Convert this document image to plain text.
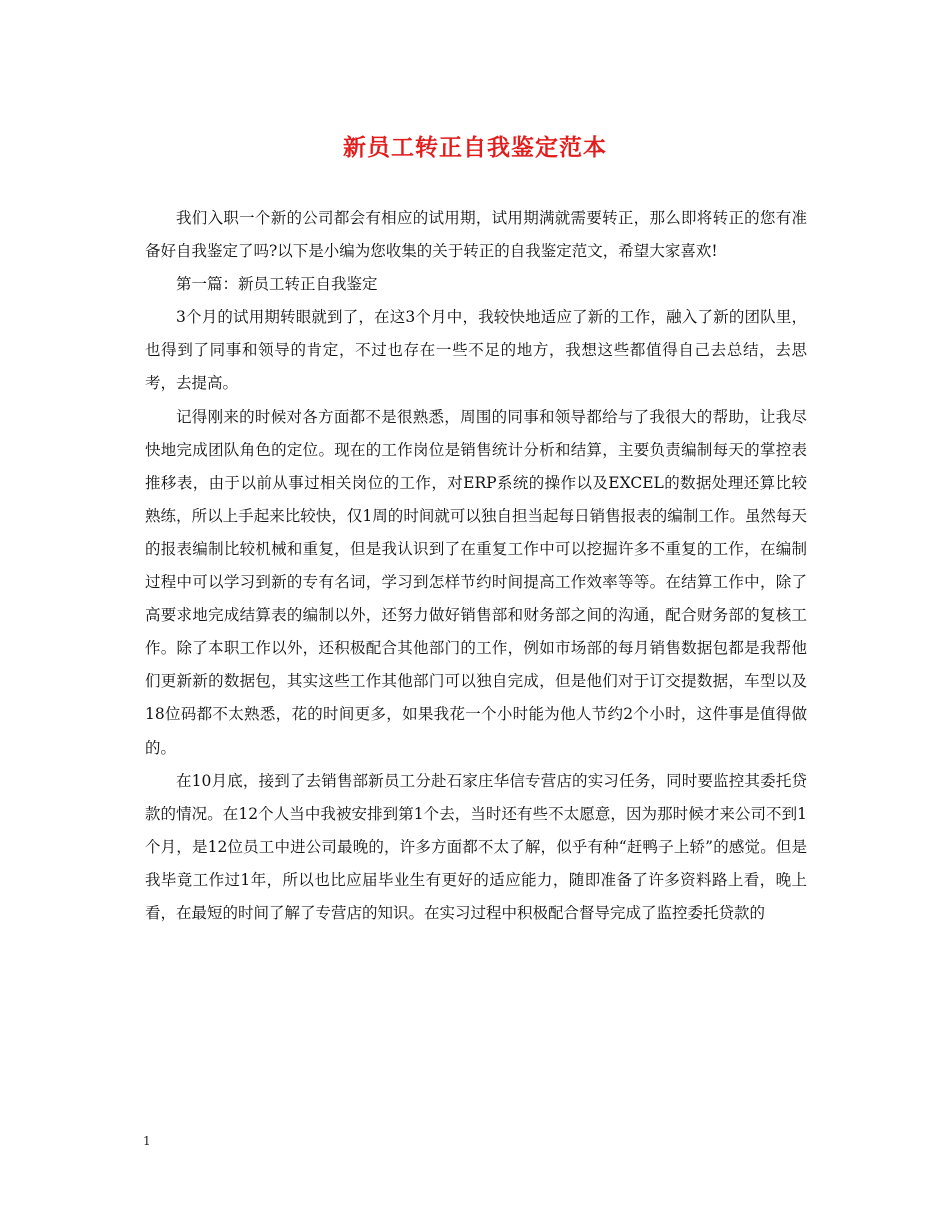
新员工转正自我鉴定范本

我们入职一个新的公司都会有相应的试用期，试用期满就需要转正，那么即将转正的您有准备好自我鉴定了吗?以下是小编为您收集的关于转正的自我鉴定范文，希望大家喜欢!

第一篇：新员工转正自我鉴定

3个月的试用期转眼就到了，在这3个月中，我较快地适应了新的工作，融入了新的团队里，也得到了同事和领导的肯定，不过也存在一些不足的地方，我想这些都值得自己去总结，去思考，去提高。

记得刚来的时候对各方面都不是很熟悉，周围的同事和领导都给与了我很大的帮助，让我尽快地完成团队角色的定位。现在的工作岗位是销售统计分析和结算，主要负责编制每天的掌控表推移表，由于以前从事过相关岗位的工作，对ERP系统的操作以及EXCEL的数据处理还算比较熟练，所以上手起来比较快，仅1周的时间就可以独自担当起每日销售报表的编制工作。虽然每天的报表编制比较机械和重复，但是我认识到了在重复工作中可以挖掘许多不重复的工作，在编制过程中可以学习到新的专有名词，学习到怎样节约时间提高工作效率等等。在结算工作中，除了高要求地完成结算表的编制以外，还努力做好销售部和财务部之间的沟通，配合财务部的复核工作。除了本职工作以外，还积极配合其他部门的工作，例如市场部的每月销售数据包都是我帮他们更新新的数据包，其实这些工作其他部门可以独自完成，但是他们对于订交提数据，车型以及18位码都不太熟悉，花的时间更多，如果我花一个小时能为他人节约2个小时，这件事是值得做的。

在10月底，接到了去销售部新员工分赴石家庄华信专营店的实习任务，同时要监控其委托贷款的情况。在12个人当中我被安排到第1个去，当时还有些不太愿意，因为那时候才来公司不到1个月，是12位员工中进公司最晚的，许多方面都不太了解，似乎有种“赶鸭子上轿”的感觉。但是我毕竟工作过1年，所以也比应届毕业生有更好的适应能力，随即准备了许多资料路上看，晚上看，在最短的时间了解了专营店的知识。在实习过程中积极配合督导完成了监控委托贷款的

1
